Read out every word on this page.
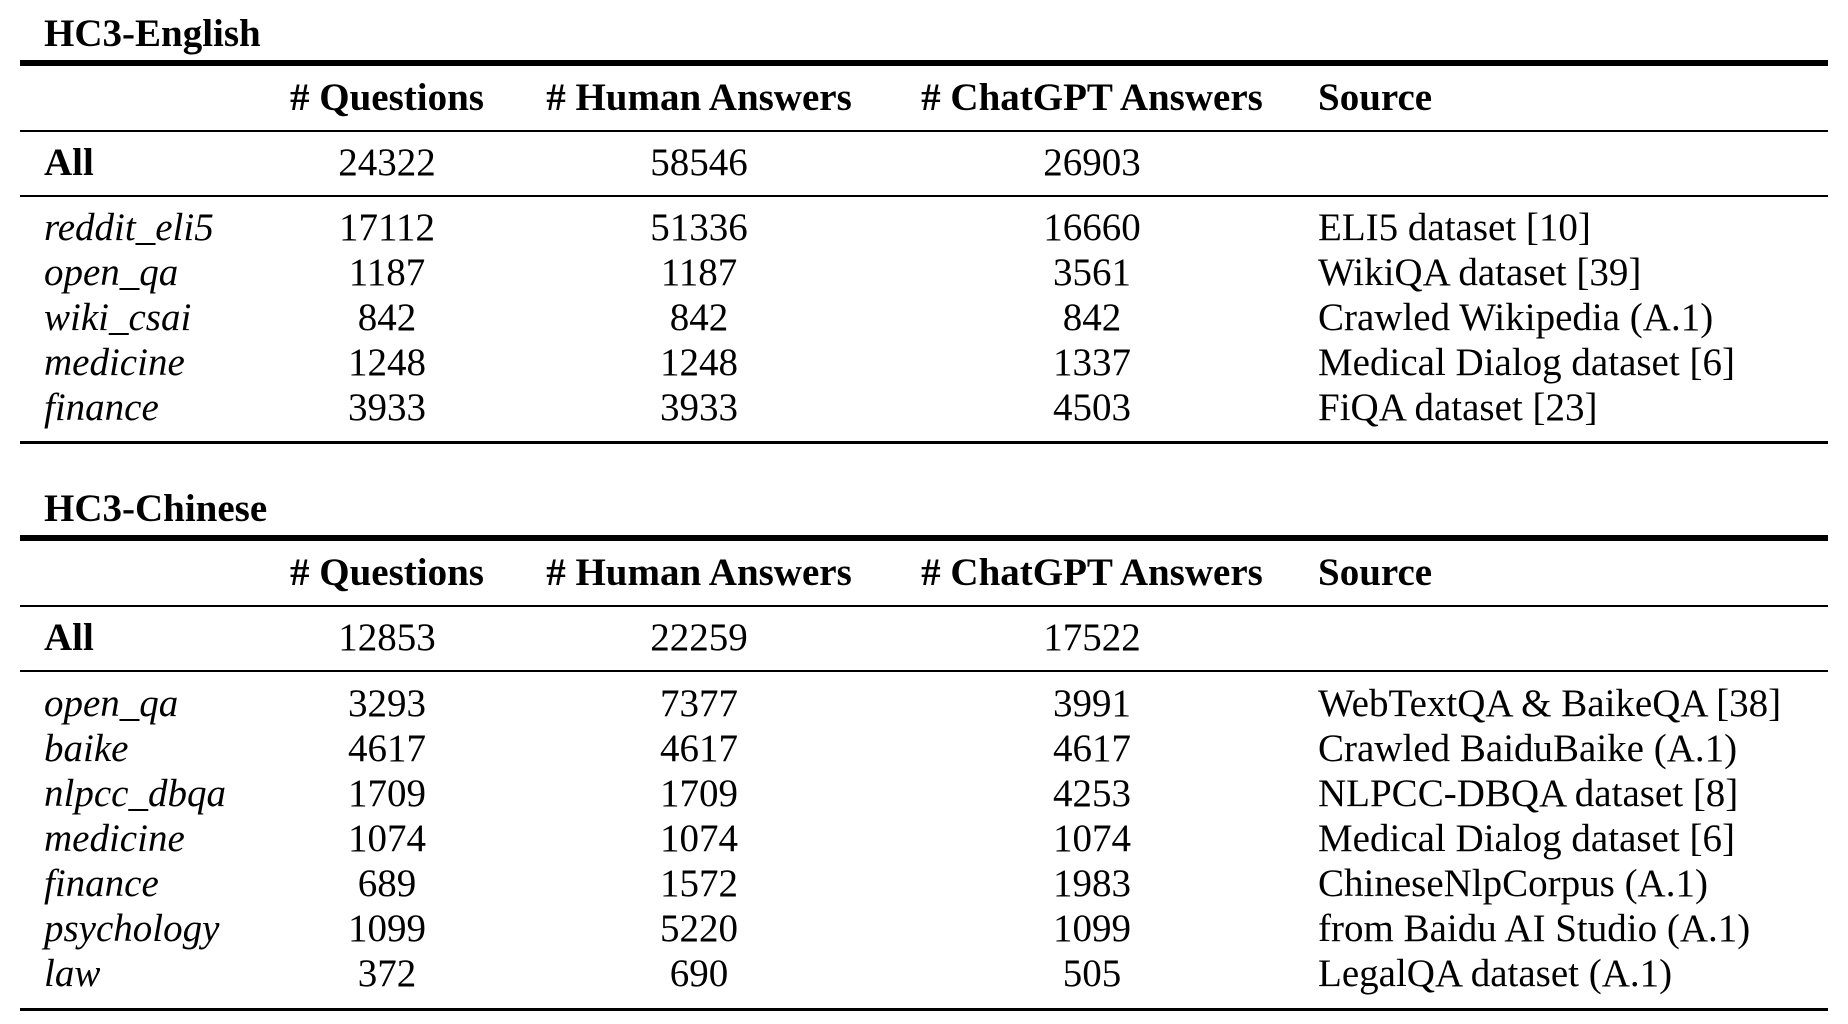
HC3-English
# Questions # Human Answers # ChatGPT Answers Source
All	24322	58546	26903
reddit_eli5	17112	51336	16660	ELI5 dataset [10]
open_qa	1187	1187	3561	WikiQA dataset [39]
wiki_csai	842	842	842	Crawled Wikipedia (A.1)
medicine	1248	1248	1337	Medical Dialog dataset [6]
finance	3933	3933	4503	FiQA dataset [23]
HC3-Chinese
# Questions # Human Answers # ChatGPT Answers Source
All	12853	22259	17522
open_qa	3293	7377	3991	WebTextQA & BaikeQA [38]
baike	4617	4617	4617	Crawled BaiduBaike (A.1)
nlpcc_dbqa	1709	1709	4253	NLPCC-DBQA dataset [8]
medicine	1074	1074	1074	Medical Dialog dataset [6]
finance	689	1572	1983	ChineseNlpCorpus (A.1)
psychology	1099	5220	1099	from Baidu AI Studio (A.1)
law	372	690	505	LegalQA dataset (A.1)
